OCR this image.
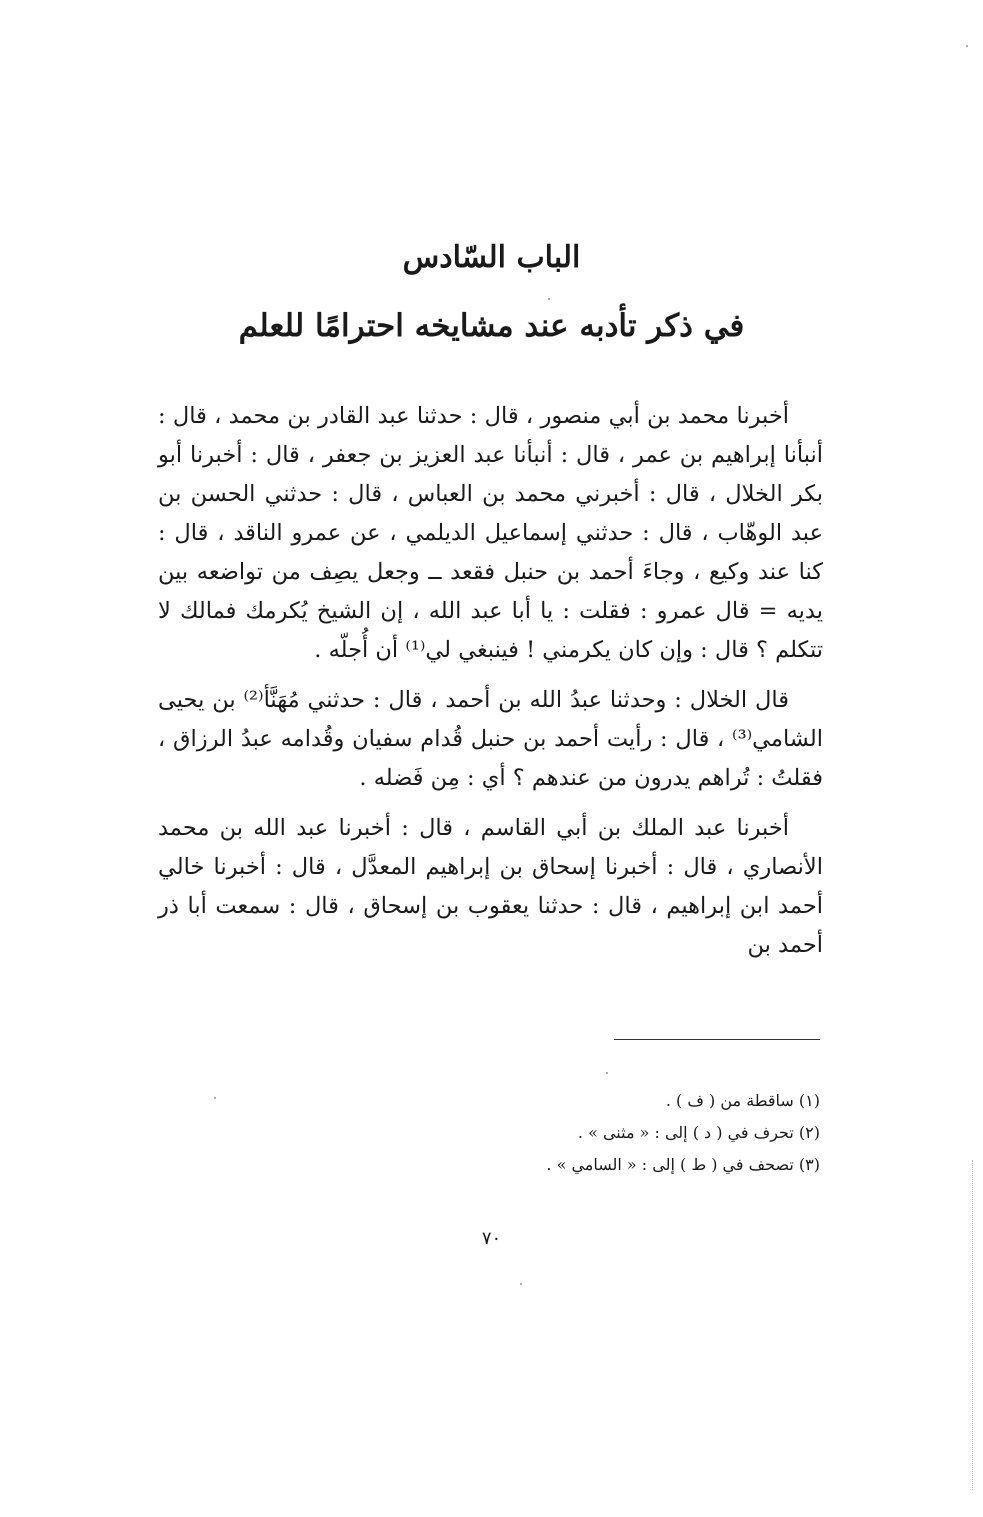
الباب السّادس
في ذكر تأدبه عند مشايخه احترامًا للعلم

أخبرنا محمد بن أبي منصور ، قال : حدثنا عبد القادر بن محمد ، قال : أنبأنا إبراهيم بن عمر ، قال : أنبأنا عبد العزيز بن جعفر ، قال : أخبرنا أبو بكر الخلال ، قال : أخبرني محمد بن العباس ، قال : حدثني الحسن بن عبد الوهّاب ، قال : حدثني إسماعيل الديلمي ، عن عمرو الناقد ، قال : كنا عند وكيع ، وجاءَ أحمد بن حنبل فقعد ــ وجعل يصِف من تواضعه بين يديه = قال عمرو : فقلت : يا أبا عبد الله ، إن الشيخ يُكرمك فمالك لا تتكلم ؟ قال : وإن كان يكرمني ! فينبغي لي⁽¹⁾ أن أُجلّه .

قال الخلال : وحدثنا عبدُ الله بن أحمد ، قال : حدثني مُهَنَّأ⁽²⁾ بن يحيى الشامي⁽³⁾ ، قال : رأيت أحمد بن حنبل قُدام سفيان وقُدامه عبدُ الرزاق ، فقلتُ : تُراهم يدرون من عندهم ؟ أي : مِن فَضله .

أخبرنا عبد الملك بن أبي القاسم ، قال : أخبرنا عبد الله بن محمد الأنصاري ، قال : أخبرنا إسحاق بن إبراهيم المعدَّل ، قال : أخبرنا خالي أحمد ابن إبراهيم ، قال : حدثنا يعقوب بن إسحاق ، قال : سمعت أبا ذر أحمد بن

(١) ساقطة من ( ف ) .
(٢) تحرف في ( د ) إلى : « مثنى » .
(٣) تصحف في ( ط ) إلى : « السامي » .
٧٠
